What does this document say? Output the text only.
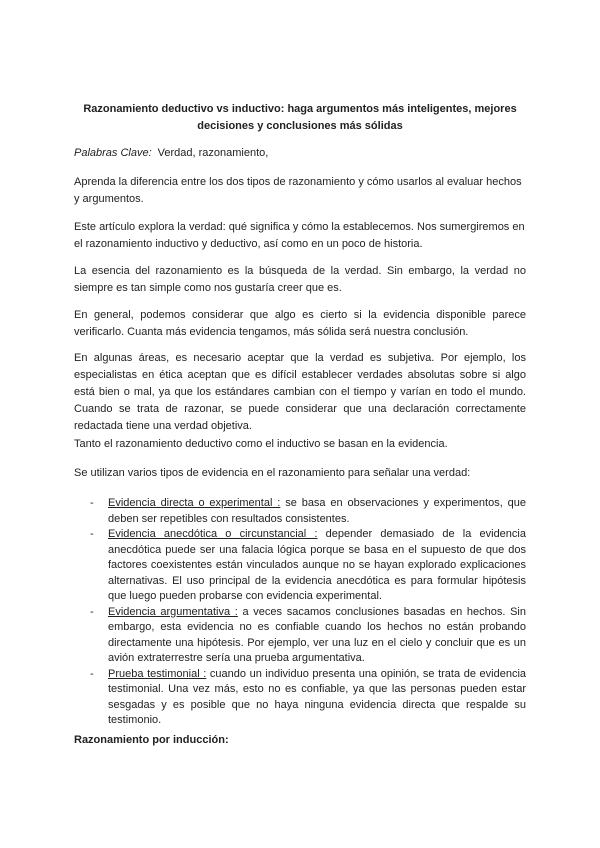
Razonamiento deductivo vs inductivo: haga argumentos más inteligentes, mejores decisiones y conclusiones más sólidas

Palabras Clave: Verdad, razonamiento,

Aprenda la diferencia entre los dos tipos de razonamiento y cómo usarlos al evaluar hechos y argumentos.

Este artículo explora la verdad: qué significa y cómo la establecemos. Nos sumergiremos en el razonamiento inductivo y deductivo, así como en un poco de historia.

La esencia del razonamiento es la búsqueda de la verdad. Sin embargo, la verdad no siempre es tan simple como nos gustaría creer que es.

En general, podemos considerar que algo es cierto si la evidencia disponible parece verificarlo. Cuanta más evidencia tengamos, más sólida será nuestra conclusión.

En algunas áreas, es necesario aceptar que la verdad es subjetiva. Por ejemplo, los especialistas en ética aceptan que es difícil establecer verdades absolutas sobre si algo está bien o mal, ya que los estándares cambian con el tiempo y varían en todo el mundo. Cuando se trata de razonar, se puede considerar que una declaración correctamente redactada tiene una verdad objetiva.

Tanto el razonamiento deductivo como el inductivo se basan en la evidencia.

Se utilizan varios tipos de evidencia en el razonamiento para señalar una verdad:

- Evidencia directa o experimental : se basa en observaciones y experimentos, que deben ser repetibles con resultados consistentes.
- Evidencia anecdótica o circunstancial : depender demasiado de la evidencia anecdótica puede ser una falacia lógica porque se basa en el supuesto de que dos factores coexistentes están vinculados aunque no se hayan explorado explicaciones alternativas. El uso principal de la evidencia anecdótica es para formular hipótesis que luego pueden probarse con evidencia experimental.
- Evidencia argumentativa : a veces sacamos conclusiones basadas en hechos. Sin embargo, esta evidencia no es confiable cuando los hechos no están probando directamente una hipótesis. Por ejemplo, ver una luz en el cielo y concluir que es un avión extraterrestre sería una prueba argumentativa.
- Prueba testimonial : cuando un individuo presenta una opinión, se trata de evidencia testimonial. Una vez más, esto no es confiable, ya que las personas pueden estar sesgadas y es posible que no haya ninguna evidencia directa que respalde su testimonio.

Razonamiento por inducción:
